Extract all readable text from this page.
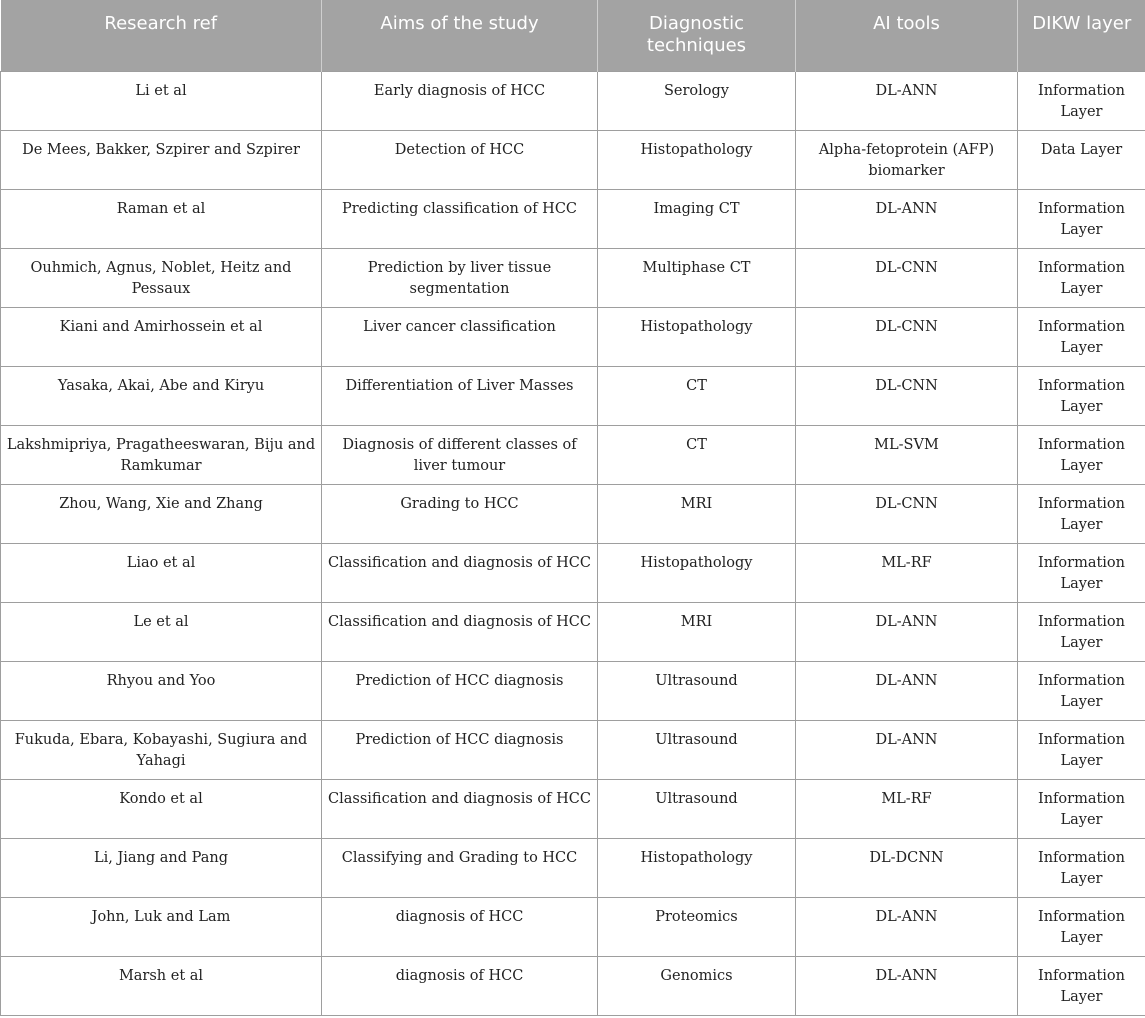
Research ref	Aims of the study	Diagnostic techniques	AI tools	DIKW layer
Li et al	Early diagnosis of HCC	Serology	DL-ANN	Information Layer
De Mees, Bakker, Szpirer and Szpirer	Detection of HCC	Histopathology	Alpha-fetoprotein (AFP) biomarker	Data Layer
Raman et al	Predicting classification of HCC	Imaging CT	DL-ANN	Information Layer
Ouhmich, Agnus, Noblet, Heitz and Pessaux	Prediction by liver tissue segmentation	Multiphase CT	DL-CNN	Information Layer
Kiani and Amirhossein et al	Liver cancer classification	Histopathology	DL-CNN	Information Layer
Yasaka, Akai, Abe and Kiryu	Differentiation of Liver Masses	CT	DL-CNN	Information Layer
Lakshmipriya, Pragatheeswaran, Biju and Ramkumar	Diagnosis of different classes of liver tumour	CT	ML-SVM	Information Layer
Zhou, Wang, Xie and Zhang	Grading to HCC	MRI	DL-CNN	Information Layer
Liao et al	Classification and diagnosis of HCC	Histopathology	ML-RF	Information Layer
Le et al	Classification and diagnosis of HCC	MRI	DL-ANN	Information Layer
Rhyou and Yoo	Prediction of HCC diagnosis	Ultrasound	DL-ANN	Information Layer
Fukuda, Ebara, Kobayashi, Sugiura and Yahagi	Prediction of HCC diagnosis	Ultrasound	DL-ANN	Information Layer
Kondo et al	Classification and diagnosis of HCC	Ultrasound	ML-RF	Information Layer
Li, Jiang and Pang	Classifying and Grading to HCC	Histopathology	DL-DCNN	Information Layer
John, Luk and Lam	diagnosis of HCC	Proteomics	DL-ANN	Information Layer
Marsh et al	diagnosis of HCC	Genomics	DL-ANN	Information Layer
